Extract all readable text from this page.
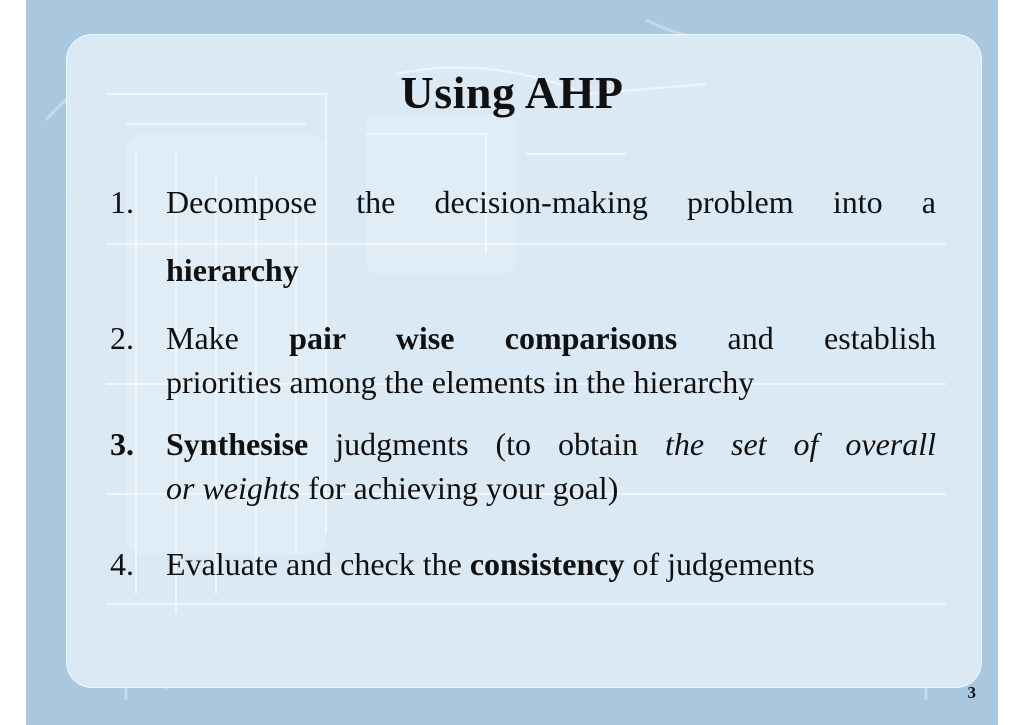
Using AHP
1.	Decompose the decision-making problem into a
hierarchy
2.	Make pair wise comparisons and establish
priorities among the elements in the hierarchy
3.	Synthesise judgments (to obtain the set of overall
or weights for achieving your goal)
4.	Evaluate and check the consistency of judgements
3
